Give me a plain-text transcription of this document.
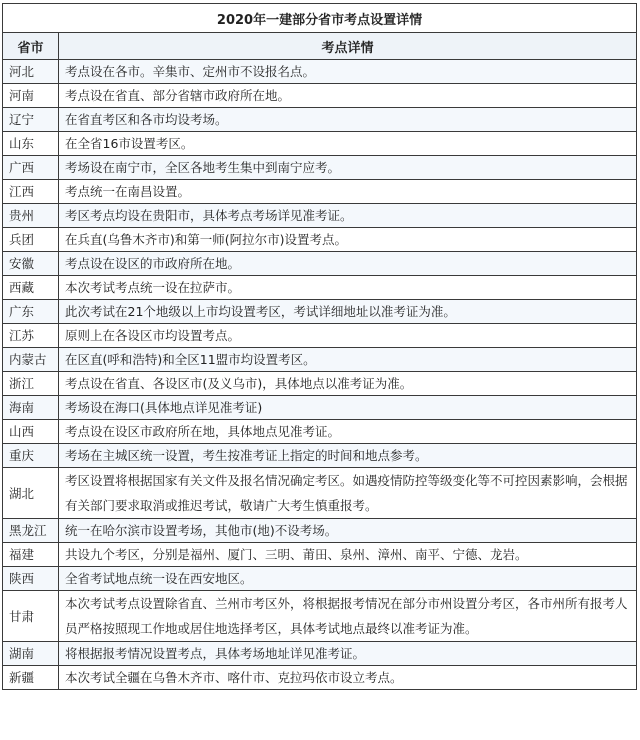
2020年一建部分省市考点设置详情	
省市	考点详情
河北	考点设在各市。辛集市、定州市不设报名点。
河南	考点设在省直、部分省辖市政府所在地。
辽宁	在省直考区和各市均设考场。
山东	在全省16市设置考区。
广西	考场设在南宁市，全区各地考生集中到南宁应考。
江西	考点统一在南昌设置。
贵州	考区考点均设在贵阳市，具体考点考场详见准考证。
兵团	在兵直(乌鲁木齐市)和第一师(阿拉尔市)设置考点。
安徽	考点设在设区的市政府所在地。
西藏	本次考试考点统一设在拉萨市。
广东	此次考试在21个地级以上市均设置考区，考试详细地址以准考证为准。
江苏	原则上在各设区市均设置考点。
内蒙古	在区直(呼和浩特)和全区11盟市均设置考区。
浙江	考点设在省直、各设区市(及义乌市)，具体地点以准考证为准。
海南	考场设在海口(具体地点详见准考证)
山西	考点设在设区市政府所在地，具体地点见准考证。
重庆	考场在主城区统一设置，考生按准考证上指定的时间和地点参考。
湖北	考区设置将根据国家有关文件及报名情况确定考区。如遇疫情防控等级变化等不可控因素影响，会根据有关部门要求取消或推迟考试，敬请广大考生慎重报考。
黑龙江	统一在哈尔滨市设置考场，其他市(地)不设考场。
福建	共设九个考区，分别是福州、厦门、三明、莆田、泉州、漳州、南平、宁德、龙岩。
陕西	全省考试地点统一设在西安地区。
甘肃	本次考试考点设置除省直、兰州市考区外，将根据报考情况在部分市州设置分考区，各市州所有报考人员严格按照现工作地或居住地选择考区，具体考试地点最终以准考证为准。
湖南	将根据报考情况设置考点，具体考场地址详见准考证。
新疆	本次考试全疆在乌鲁木齐市、喀什市、克拉玛依市设立考点。
